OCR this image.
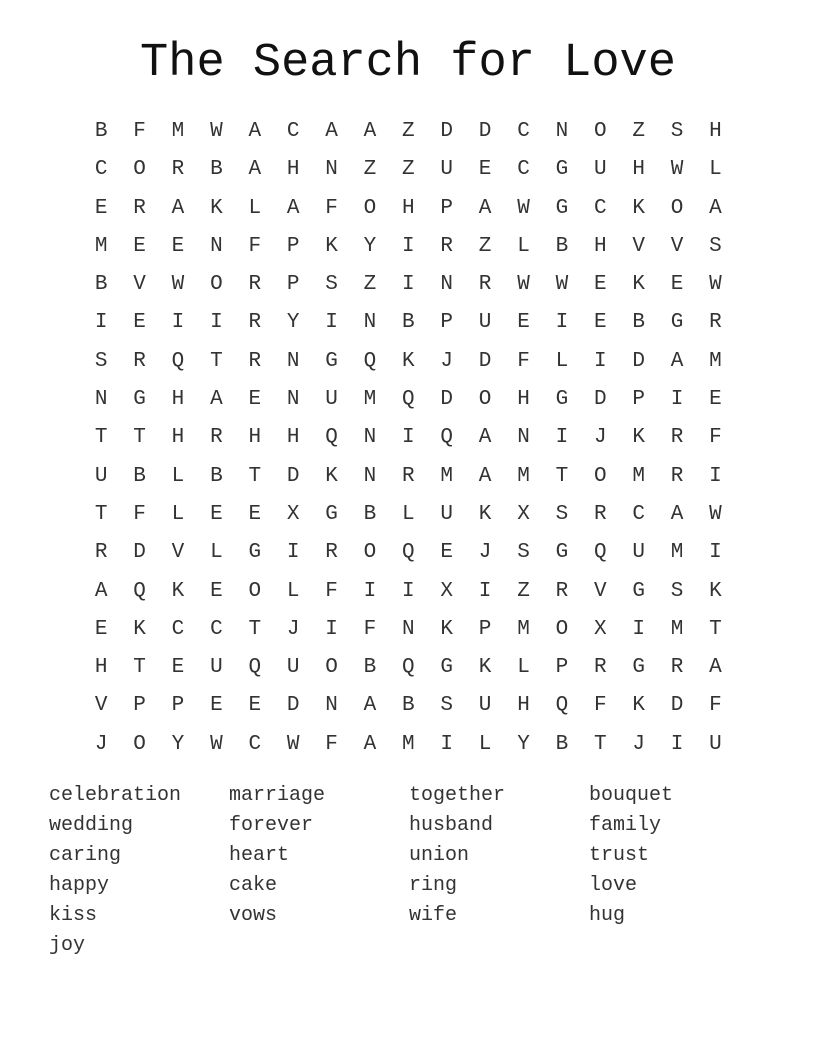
The Search for Love
B	F	M	W	A	C	A	A	Z	D	D	C	N	O	Z	S	H
C	O	R	B	A	H	N	Z	Z	U	E	C	G	U	H	W	L
E	R	A	K	L	A	F	O	H	P	A	W	G	C	K	O	A
M	E	E	N	F	P	K	Y	I	R	Z	L	B	H	V	V	S
B	V	W	O	R	P	S	Z	I	N	R	W	W	E	K	E	W
I	E	I	I	R	Y	I	N	B	P	U	E	I	E	B	G	R
S	R	Q	T	R	N	G	Q	K	J	D	F	L	I	D	A	M
N	G	H	A	E	N	U	M	Q	D	O	H	G	D	P	I	E
T	T	H	R	H	H	Q	N	I	Q	A	N	I	J	K	R	F
U	B	L	B	T	D	K	N	R	M	A	M	T	O	M	R	I
T	F	L	E	E	X	G	B	L	U	K	X	S	R	C	A	W
R	D	V	L	G	I	R	O	Q	E	J	S	G	Q	U	M	I
A	Q	K	E	O	L	F	I	I	X	I	Z	R	V	G	S	K
E	K	C	C	T	J	I	F	N	K	P	M	O	X	I	M	T
H	T	E	U	Q	U	O	B	Q	G	K	L	P	R	G	R	A
V	P	P	E	E	D	N	A	B	S	U	H	Q	F	K	D	F
J	O	Y	W	C	W	F	A	M	I	L	Y	B	T	J	I	U
celebration	marriage	together	bouquet
wedding	forever	husband	family
caring	heart	union	trust
happy	cake	ring	love
kiss	vows	wife	hug
joy
